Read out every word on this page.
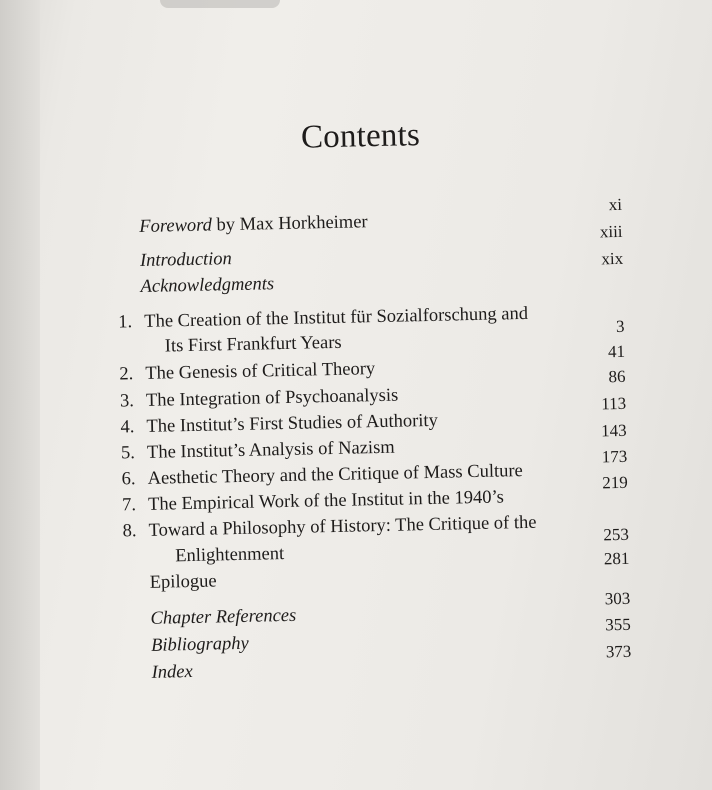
Contents
Foreword by Max Horkheimer
xi
Introduction
xiii
Acknowledgments
xix
1. The Creation of the Institut für Sozialforschung and
Its First Frankfurt Years
3
2. The Genesis of Critical Theory
41
3. The Integration of Psychoanalysis
86
4. The Institut’s First Studies of Authority
113
5. The Institut’s Analysis of Nazism
143
6. Aesthetic Theory and the Critique of Mass Culture
173
7. The Empirical Work of the Institut in the 1940’s
219
8. Toward a Philosophy of History: The Critique of the
Enlightenment
253
Epilogue
281
Chapter References
303
Bibliography
355
Index
373
